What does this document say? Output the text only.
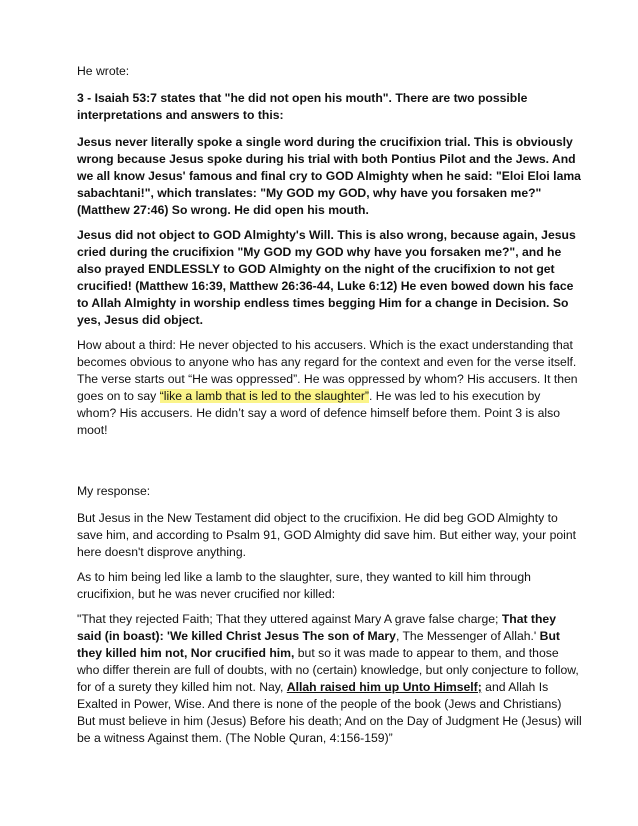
He wrote:

3 - Isaiah 53:7 states that "he did not open his mouth". There are two possible interpretations and answers to this:

Jesus never literally spoke a single word during the crucifixion trial. This is obviously wrong because Jesus spoke during his trial with both Pontius Pilot and the Jews. And we all know Jesus' famous and final cry to GOD Almighty when he said: "Eloi Eloi lama sabachtani!", which translates: "My GOD my GOD, why have you forsaken me?" (Matthew 27:46) So wrong. He did open his mouth.

Jesus did not object to GOD Almighty's Will. This is also wrong, because again, Jesus cried during the crucifixion "My GOD my GOD why have you forsaken me?", and he also prayed ENDLESSLY to GOD Almighty on the night of the crucifixion to not get crucified! (Matthew 16:39, Matthew 26:36-44, Luke 6:12) He even bowed down his face to Allah Almighty in worship endless times begging Him for a change in Decision. So yes, Jesus did object.

How about a third: He never objected to his accusers. Which is the exact understanding that becomes obvious to anyone who has any regard for the context and even for the verse itself. The verse starts out “He was oppressed”. He was oppressed by whom? His accusers. It then goes on to say “like a lamb that is led to the slaughter”. He was led to his execution by whom? His accusers. He didn’t say a word of defence himself before them. Point 3 is also moot!

My response:

But Jesus in the New Testament did object to the crucifixion. He did beg GOD Almighty to save him, and according to Psalm 91, GOD Almighty did save him. But either way, your point here doesn't disprove anything.

As to him being led like a lamb to the slaughter, sure, they wanted to kill him through crucifixion, but he was never crucified nor killed:

"That they rejected Faith; That they uttered against Mary A grave false charge; That they said (in boast): 'We killed Christ Jesus The son of Mary, The Messenger of Allah.' But they killed him not, Nor crucified him, but so it was made to appear to them, and those who differ therein are full of doubts, with no (certain) knowledge, but only conjecture to follow, for of a surety they killed him not. Nay, Allah raised him up Unto Himself; and Allah Is Exalted in Power, Wise. And there is none of the people of the book (Jews and Christians) But must believe in him (Jesus) Before his death; And on the Day of Judgment He (Jesus) will be a witness Against them. (The Noble Quran, 4:156-159)”
